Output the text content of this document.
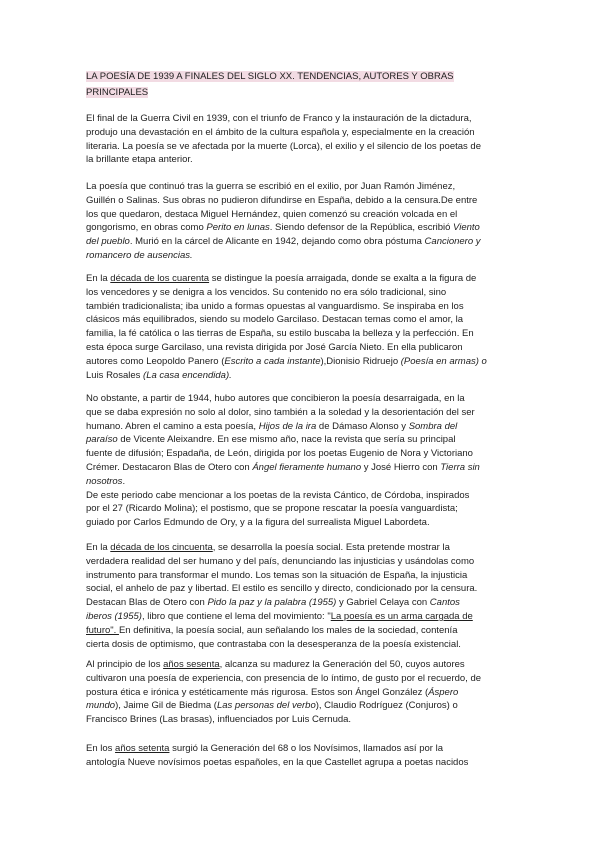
LA POESÍA DE 1939 A FINALES DEL SIGLO XX. TENDENCIAS, AUTORES Y OBRAS
PRINCIPALES
El final de la Guerra Civil en 1939, con el triunfo de Franco y la instauración de la dictadura,
produjo una devastación en el ámbito de la cultura española y, especialmente en la creación
literaria. La poesía se ve afectada por la muerte (Lorca), el exilio y el silencio de los poetas de
la brillante etapa anterior.
La poesía que continuó tras la guerra se escribió en el exilio, por Juan Ramón Jiménez,
Guillén o Salinas. Sus obras no pudieron difundirse en España, debido a la censura.De entre
los que quedaron, destaca Miguel Hernández, quien comenzó su creación volcada en el
gongorismo, en obras como Perito en lunas. Siendo defensor de la República, escribió Viento
del pueblo. Murió en la cárcel de Alicante en 1942, dejando como obra póstuma Cancionero y
romancero de ausencias.
En la década de los cuarenta se distingue la poesía arraigada, donde se exalta a la figura de
los vencedores y se denigra a los vencidos. Su contenido no era sólo tradicional, sino
también tradicionalista; iba unido a formas opuestas al vanguardismo. Se inspiraba en los
clásicos más equilibrados, siendo su modelo Garcilaso. Destacan temas como el amor, la
familia, la fé católica o las tierras de España, su estilo buscaba la belleza y la perfección. En
esta época surge Garcilaso, una revista dirigida por José García Nieto. En ella publicaron
autores como Leopoldo Panero (Escrito a cada instante),Dionisio Ridruejo (Poesía en armas) o
Luis Rosales (La casa encendida).
No obstante, a partir de 1944, hubo autores que concibieron la poesía desarraigada, en la
que se daba expresión no solo al dolor, sino también a la soledad y la desorientación del ser
humano. Abren el camino a esta poesía, Hijos de la ira de Dámaso Alonso y Sombra del
paraíso de Vicente Aleixandre. En ese mismo año, nace la revista que sería su principal
fuente de difusión; Espadaña, de León, dirigida por los poetas Eugenio de Nora y Victoriano
Crémer. Destacaron Blas de Otero con Ángel fieramente humano y José Hierro con Tierra sin
nosotros.
De este periodo cabe mencionar a los poetas de la revista Cántico, de Córdoba, inspirados
por el 27 (Ricardo Molina); el postismo, que se propone rescatar la poesía vanguardista;
guiado por Carlos Edmundo de Ory, y a la figura del surrealista Miguel Labordeta.
En la década de los cincuenta, se desarrolla la poesía social. Esta pretende mostrar la
verdadera realidad del ser humano y del país, denunciando las injusticias y usándolas como
instrumento para transformar el mundo. Los temas son la situación de España, la injusticia
social, el anhelo de paz y libertad. El estilo es sencillo y directo, condicionado por la censura.
Destacan Blas de Otero con Pido la paz y la palabra (1955) y Gabriel Celaya con Cantos
iberos (1955), libro que contiene el lema del movimiento: "La poesía es un arma cargada de
futuro". En definitiva, la poesía social, aun señalando los males de la sociedad, contenía
cierta dosis de optimismo, que contrastaba con la desesperanza de la poesía existencial.
Al principio de los años sesenta, alcanza su madurez la Generación del 50, cuyos autores
cultivaron una poesía de experiencia, con presencia de lo íntimo, de gusto por el recuerdo, de
postura ética e irónica y estéticamente más rigurosa. Estos son Ángel González (Áspero
mundo), Jaime Gil de Biedma (Las personas del verbo), Claudio Rodríguez (Conjuros) o
Francisco Brines (Las brasas), influenciados por Luis Cernuda.
En los años setenta surgió la Generación del 68 o los Novísimos, llamados así por la
antología Nueve novísimos poetas españoles, en la que Castellet agrupa a poetas nacidos
